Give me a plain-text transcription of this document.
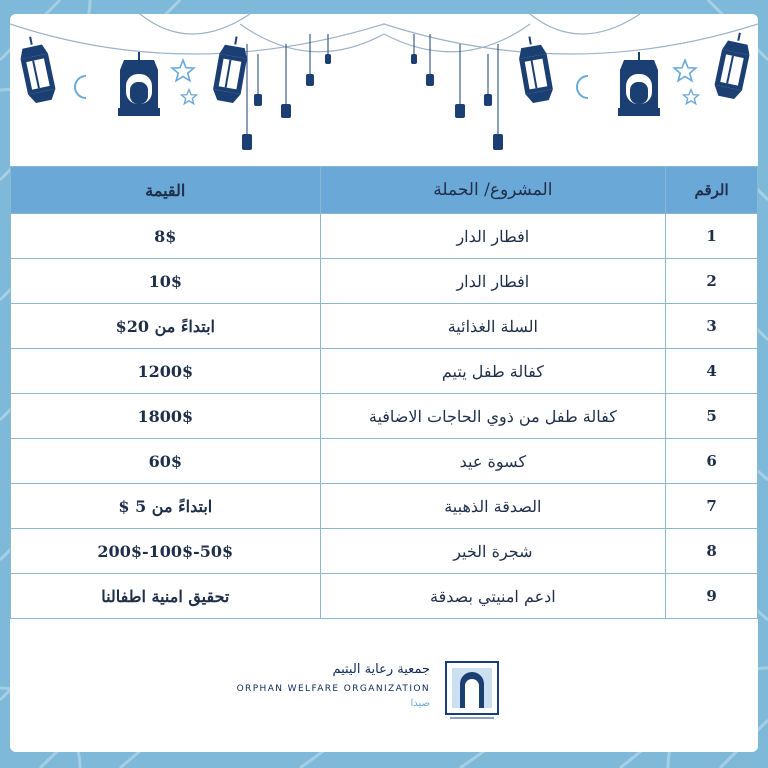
الرقم	المشروع/ الحملة	القيمة
1	افطار الدار	8$
2	افطار الدار	10$
3	السلة الغذائية	ابتداءً من 20$
4	كفالة طفل يتيم	1200$
5	كفالة طفل من ذوي الحاجات الاضافية	1800$
6	كسوة عيد	60$
7	الصدقة الذهبية	ابتداءً من 5 $
8	شجرة الخير	50$-100$-200$
9	ادعم امنيتي بصدقة	تحقيق امنية اطفالنا
جمعية رعاية اليتيم
ORPHAN WELFARE ORGANIZATION
صيدا
